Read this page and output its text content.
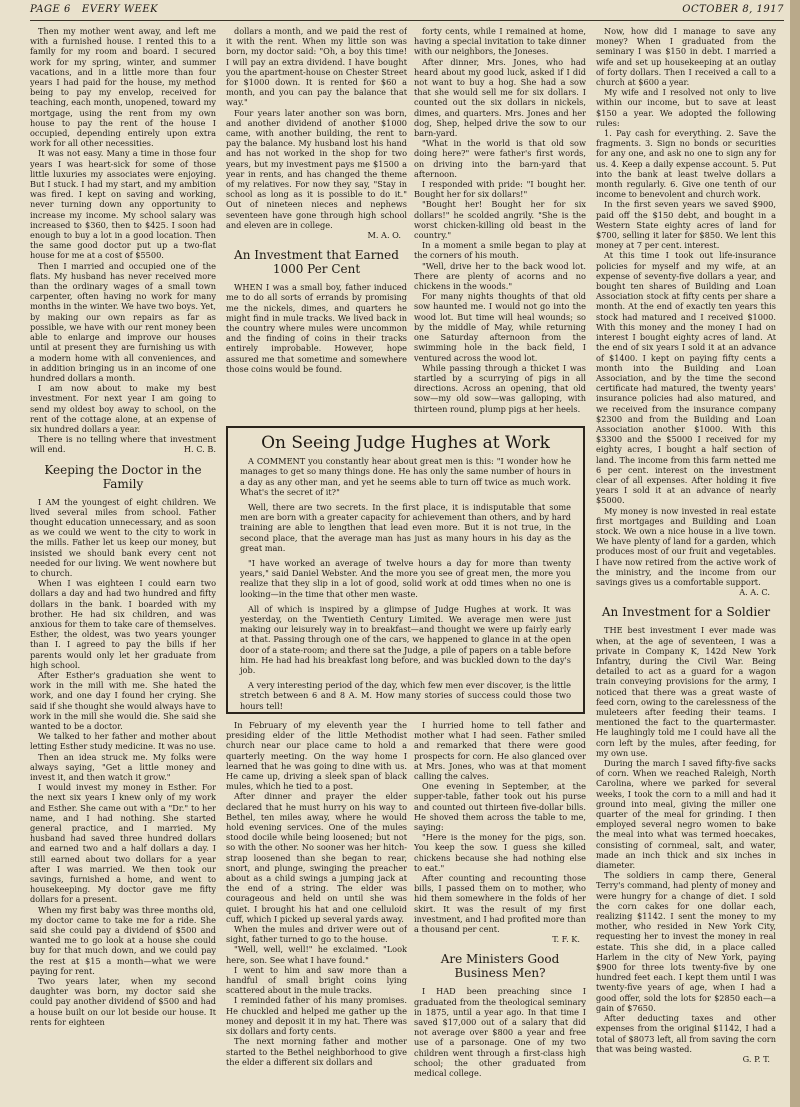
PAGE 6 EVERY WEEK	OCTOBER 8, 1917

Then my mother went away, and left me with a furnished house. I rented this to a family for my room and board. I secured work for my spring, winter, and summer vacations, and in a little more than four years I had paid for the house, my method being to pay my envelop, received for teaching, each month, unopened, toward my mortgage, using the rent from my own house to pay the rent of the house I occupied, depending entirely upon extra work for all other necessities.

It was not easy. Many a time in those four years I was heart-sick for some of those little luxuries my associates were enjoying. But I stuck. I had my start, and my ambition was fired. I kept on saving and working, never turning down any opportunity to increase my income. My school salary was increased to $360, then to $425. I soon had enough to buy a lot in a good location. Then the same good doctor put up a two-flat house for me at a cost of $5500.

Then I married and occupied one of the flats. My husband has never received more than the ordinary wages of a small town carpenter, often having no work for many months in the winter. We have two boys. Yet, by making our own repairs as far as possible, we have with our rent money been able to enlarge and improve our houses until at present they are furnishing us with a modern home with all conveniences, and in addition bringing us in an income of one hundred dollars a month.

I am now about to make my best investment. For next year I am going to send my oldest boy away to school, on the rent of the cottage alone, at an expense of six hundred dollars a year.

There is no telling where that investment will end.	H. C. B.

Keeping the Doctor in the Family

I AM the youngest of eight children. We lived several miles from school. Father thought education unnecessary, and as soon as we could we went to the city to work in the mills. Father let us keep our money, but insisted we should bank every cent not needed for our living. We went nowhere but to church.

When I was eighteen I could earn two dollars a day and had two hundred and fifty dollars in the bank. I boarded with my brother. He had six children, and was anxious for them to take care of themselves. Esther, the oldest, was two years younger than I. I agreed to pay the bills if her parents would only let her graduate from high school.

After Esther's graduation she went to work in the mill with me. She hated the work, and one day I found her crying. She said if she thought she would always have to work in the mill she would die. She said she wanted to be a doctor.

We talked to her father and mother about letting Esther study medicine. It was no use.

Then an idea struck me. My folks were always saying, "Get a little money and invest it, and then watch it grow."

I would invest my money in Esther. For the next six years I knew only of my work and Esther. She came out with a "Dr." to her name, and I had nothing. She started general practice, and I married. My husband had saved three hundred dollars and earned two and a half dollars a day. I still earned about two dollars for a year after I was married. We then took our savings, furnished a home, and went to housekeeping. My doctor gave me fifty dollars for a present.

When my first baby was three months old, my doctor came to take me for a ride. She said she could pay a dividend of $500 and wanted me to go look at a house she could buy for that much down, and we could pay the rest at $15 a month—what we were paying for rent.

Two years later, when my second daughter was born, my doctor said she could pay another dividend of $500 and had a house built on our lot beside our house. It rents for eighteen

dollars a month, and we paid the rest of it with the rent. When my little son was born, my doctor said: "Oh, a boy this time! I will pay an extra dividend. I have bought you the apartment-house on Chester Street for $1000 down. It is rented for $60 a month, and you can pay the balance that way."

Four years later another son was born, and another dividend of another $1000 came, with another building, the rent to pay the balance. My husband lost his hand and has not worked in the shop for two years, but my investment pays me $1500 a year in rents, and has changed the theme of my relatives. For now they say, "Stay in school as long as it is possible to do it." Out of nineteen nieces and nephews seventeen have gone through high school and eleven are in college.

M. A. O.
An Investment that Earned 1000 Per Cent

WHEN I was a small boy, father induced me to do all sorts of errands by promising me the nickels, dimes, and quarters he might find in mule tracks. We lived back in the country where mules were uncommon and the finding of coins in their tracks entirely improbable. However, hope assured me that sometime and somewhere those coins would be found.

forty cents, while I remained at home, having a special invitation to take dinner with our neighbors, the Joneses.

After dinner, Mrs. Jones, who had heard about my good luck, asked if I did not want to buy a hog. She had a sow that she would sell me for six dollars. I counted out the six dollars in nickels, dimes, and quarters. Mrs. Jones and her dog, Shep, helped drive the sow to our barn-yard.

"What in the world is that old sow doing here?" were father's first words, on driving into the barn-yard that afternoon.

I responded with pride: "I bought her. Bought her for six dollars!"

"Bought her! Bought her for six dollars!" he scolded angrily. "She is the worst chicken-killing old beast in the country."

In a moment a smile began to play at the corners of his mouth.

"Well, drive her to the back wood lot. There are plenty of acorns and no chickens in the woods."

For many nights thoughts of that old sow haunted me. I would not go into the wood lot. But time will heal wounds; so by the middle of May, while returning one Saturday afternoon from the swimming hole in the back field, I ventured across the wood lot.

While passing through a thicket I was startled by a scurrying of pigs in all directions. Across an opening, that old sow—my old sow—was galloping, with thirteen round, plump pigs at her heels.

On Seeing Judge Hughes at Work

A COMMENT you constantly hear about great men is this: "I wonder how he manages to get so many things done. He has only the same number of hours in a day as any other man, and yet he seems able to turn off twice as much work. What's the secret of it?"

Well, there are two secrets. In the first place, it is indisputable that some men are born with a greater capacity for achievement than others, and by hard training are able to lengthen that lead even more. But it is not true, in the second place, that the average man has just as many hours in his day as the great man.

"I have worked an average of twelve hours a day for more than twenty years," said Daniel Webster. And the more you see of great men, the more you realize that they slip in a lot of good, solid work at odd times when no one is looking—in the time that other men waste.

All of which is inspired by a glimpse of Judge Hughes at work. It was yesterday, on the Twentieth Century Limited. We average men were just making our leisurely way in to breakfast—and thought we were up fairly early at that. Passing through one of the cars, we happened to glance in at the open door of a state-room; and there sat the Judge, a pile of papers on a table before him. He had had his breakfast long before, and was buckled down to the day's job.

A very interesting period of the day, which few men ever discover, is the little stretch between 6 and 8 A. M. How many stories of success could those two hours tell!

In February of my eleventh year the presiding elder of the little Methodist church near our place came to hold a quarterly meeting. On the way home I learned that he was going to dine with us. He came up, driving a sleek span of black mules, which he tied to a post.

After dinner and prayer the elder declared that he must hurry on his way to Bethel, ten miles away, where he would hold evening services. One of the mules stood docile while being loosened; but not so with the other. No sooner was her hitch-strap loosened than she began to rear, snort, and plunge, swinging the preacher about as a child swings a jumping jack at the end of a string. The elder was courageous and held on until she was quiet. I brought his hat and one celluloid cuff, which I picked up several yards away.

When the mules and driver were out of sight, father turned to go to the house.

"Well, well, well!" he exclaimed. "Look here, son. See what I have found."

I went to him and saw more than a handful of small bright coins lying scattered about in the mule tracks.

I reminded father of his many promises. He chuckled and helped me gather up the money and deposit it in my hat. There was six dollars and forty cents.

The next morning father and mother started to the Bethel neighborhood to give the elder a different six dollars and

I hurried home to tell father and mother what I had seen. Father smiled and remarked that there were good prospects for corn. He also glanced over at Mrs. Jones, who was at that moment calling the calves.

One evening in September, at the supper-table, father took out his purse and counted out thirteen five-dollar bills. He shoved them across the table to me, saying:

"Here is the money for the pigs, son. You keep the sow. I guess she killed chickens because she had nothing else to eat."

After counting and recounting those bills, I passed them on to mother, who hid them somewhere in the folds of her skirt. It was the result of my first investment, and I had profited more than a thousand per cent.

T. F. K.
Are Ministers Good Business Men?

I HAD been preaching since I graduated from the theological seminary in 1875, until a year ago. In that time I saved $17,000 out of a salary that did not average over $800 a year and free use of a parsonage. One of my two children went through a first-class high school; the other graduated from medical college.

Now, how did I manage to save any money? When I graduated from the seminary I was $150 in debt. I married a wife and set up housekeeping at an outlay of forty dollars. Then I received a call to a church at $600 a year.

My wife and I resolved not only to live within our income, but to save at least $150 a year. We adopted the following rules:

1. Pay cash for everything. 2. Save the fragments. 3. Sign no bonds or securities for any one, and ask no one to sign any for us. 4. Keep a daily expense account. 5. Put into the bank at least twelve dollars a month regularly. 6. Give one tenth of our income to benevolent and church work.

In the first seven years we saved $900, paid off the $150 debt, and bought in a Western State eighty acres of land for $700, selling it later for $850. We lent this money at 7 per cent. interest.

At this time I took out life-insurance policies for myself and my wife, at an expense of seventy-five dollars a year, and bought ten shares of Building and Loan Association stock at fifty cents per share a month. At the end of exactly ten years this stock had matured and I received $1000. With this money and the money I had on interest I bought eighty acres of land. At the end of six years I sold it at an advance of $1400. I kept on paying fifty cents a month into the Building and Loan Association, and by the time the second certificate had matured, the twenty years' insurance policies had also matured, and we received from the insurance company $2300 and from the Building and Loan Association another $1000. With this $3300 and the $5000 I received for my eighty acres, I bought a half section of land. The income from this farm netted me 6 per cent. interest on the investment clear of all expenses. After holding it five years I sold it at an advance of nearly $5000.

My money is now invested in real estate first mortgages and Building and Loan stock. We own a nice house in a live town. We have plenty of land for a garden, which produces most of our fruit and vegetables. I have now retired from the active work of the ministry, and the income from our savings gives us a comfortable support.

A. A. C.
An Investment for a Soldier

THE best investment I ever made was when, at the age of seventeen, I was a private in Company K, 142d New York Infantry, during the Civil War. Being detailed to act as a guard for a wagon train conveying provisions for the army, I noticed that there was a great waste of feed corn, owing to the carelessness of the muleteers after feeding their teams. I mentioned the fact to the quartermaster. He laughingly told me I could have all the corn left by the mules, after feeding, for my own use.

During the march I saved fifty-five sacks of corn. When we reached Raleigh, North Carolina, where we parked for several weeks, I took the corn to a mill and had it ground into meal, giving the miller one quarter of the meal for grinding. I then employed several negro women to bake the meal into what was termed hoecakes, consisting of cornmeal, salt, and water, made an inch thick and six inches in diameter.

The soldiers in camp there, General Terry's command, had plenty of money and were hungry for a change of diet. I sold the corn cakes for one dollar each, realizing $1142. I sent the money to my mother, who resided in New York City, requesting her to invest the money in real estate. This she did, in a place called Harlem in the city of New York, paying $900 for three lots twenty-five by one hundred feet each. I kept them until I was twenty-five years of age, when I had a good offer, sold the lots for $2850 each—a gain of $7650.

After deducting taxes and other expenses from the original $1142, I had a total of $8073 left, all from saving the corn that was being wasted.

G. P. T.
